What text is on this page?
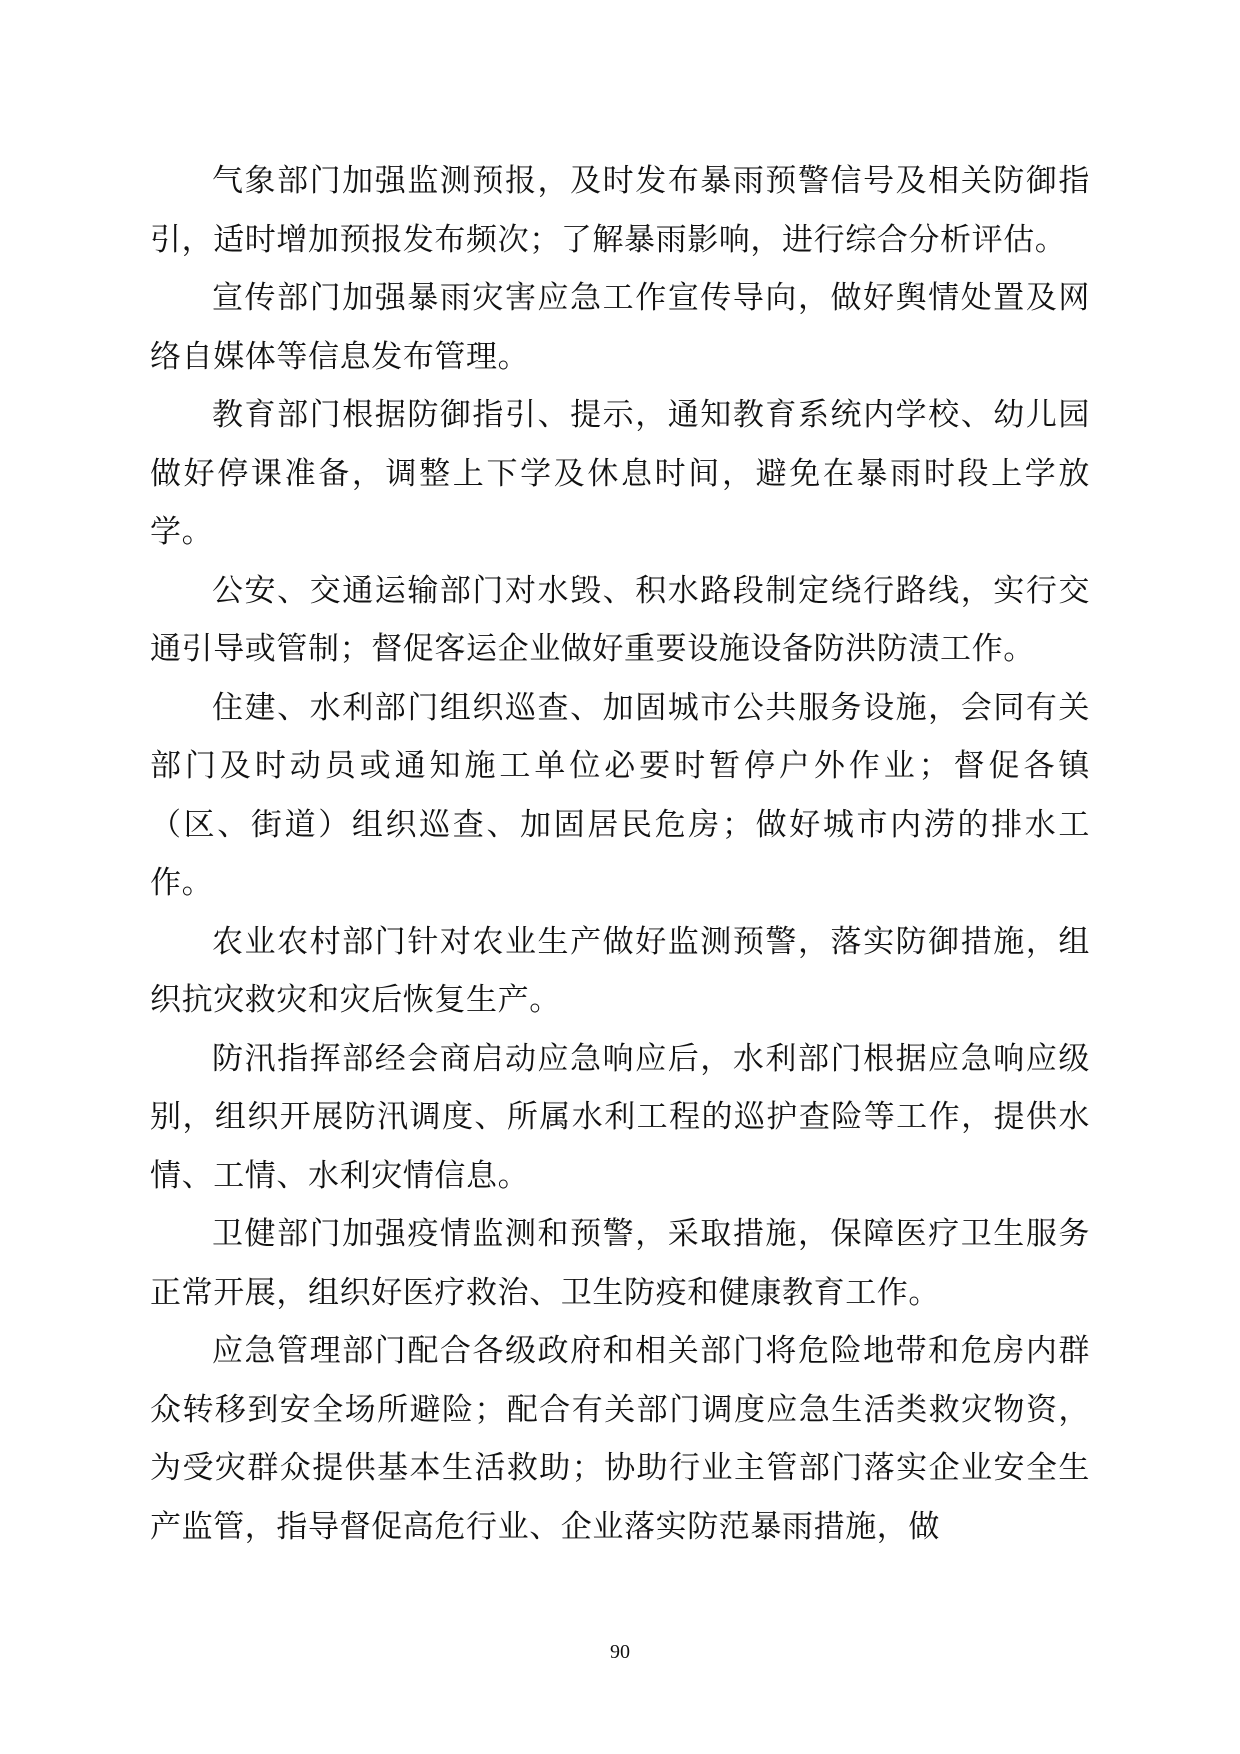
气象部门加强监测预报，及时发布暴雨预警信号及相关防御指引，适时增加预报发布频次；了解暴雨影响，进行综合分析评估。

宣传部门加强暴雨灾害应急工作宣传导向，做好舆情处置及网络自媒体等信息发布管理。

教育部门根据防御指引、提示，通知教育系统内学校、幼儿园做好停课准备，调整上下学及休息时间，避免在暴雨时段上学放学。

公安、交通运输部门对水毁、积水路段制定绕行路线，实行交通引导或管制；督促客运企业做好重要设施设备防洪防渍工作。

住建、水利部门组织巡查、加固城市公共服务设施，会同有关部门及时动员或通知施工单位必要时暂停户外作业；督促各镇（区、街道）组织巡查、加固居民危房；做好城市内涝的排水工作。

农业农村部门针对农业生产做好监测预警，落实防御措施，组织抗灾救灾和灾后恢复生产。

防汛指挥部经会商启动应急响应后，水利部门根据应急响应级别，组织开展防汛调度、所属水利工程的巡护查险等工作，提供水情、工情、水利灾情信息。

卫健部门加强疫情监测和预警，采取措施，保障医疗卫生服务正常开展，组织好医疗救治、卫生防疫和健康教育工作。

应急管理部门配合各级政府和相关部门将危险地带和危房内群众转移到安全场所避险；配合有关部门调度应急生活类救灾物资，为受灾群众提供基本生活救助；协助行业主管部门落实企业安全生产监管，指导督促高危行业、企业落实防范暴雨措施，做

90
